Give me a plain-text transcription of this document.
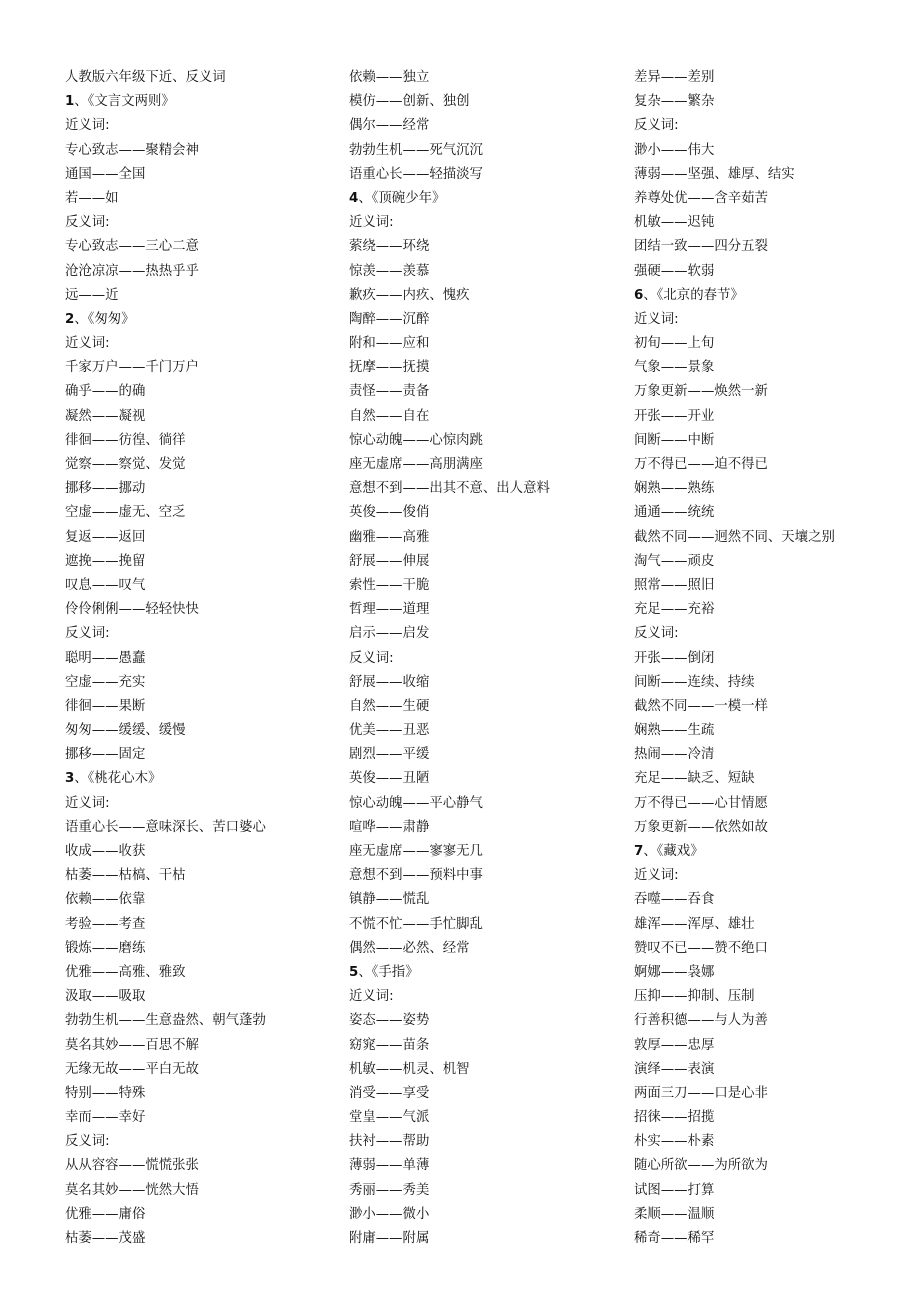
人教版六年级下近、反义词
1、《文言文两则》
近义词:
专心致志——聚精会神
通国——全国
若——如
反义词:
专心致志——三心二意
沧沧凉凉——热热乎乎
远——近
2、《匆匆》
近义词:
千家万户——千门万户
确乎——的确
凝然——凝视
徘徊——彷徨、徜徉
觉察——察觉、发觉
挪移——挪动
空虚——虚无、空乏
复返——返回
遮挽——挽留
叹息——叹气
伶伶俐俐——轻轻快快
反义词:
聪明——愚蠢
空虚——充实
徘徊——果断
匆匆——缓缓、缓慢
挪移——固定
3、《桃花心木》
近义词:
语重心长——意味深长、苦口婆心
收成——收获
枯萎——枯槁、干枯
依赖——依靠
考验——考查
锻炼——磨练
优雅——高雅、雅致
汲取——吸取
勃勃生机——生意盎然、朝气蓬勃
莫名其妙——百思不解
无缘无故——平白无故
特别——特殊
幸而——幸好
反义词:
从从容容——慌慌张张
莫名其妙——恍然大悟
优雅——庸俗
枯萎——茂盛
依赖——独立
模仿——创新、独创
偶尔——经常
勃勃生机——死气沉沉
语重心长——轻描淡写
4、《顶碗少年》
近义词:
萦绕——环绕
惊羡——羡慕
歉疚——内疚、愧疚
陶醉——沉醉
附和——应和
抚摩——抚摸
责怪——责备
自然——自在
惊心动魄——心惊肉跳
座无虚席——高朋满座
意想不到——出其不意、出人意料
英俊——俊俏
幽雅——高雅
舒展——伸展
索性——干脆
哲理——道理
启示——启发
反义词:
舒展——收缩
自然——生硬
优美——丑恶
剧烈——平缓
英俊——丑陋
惊心动魄——平心静气
喧哗——肃静
座无虚席——寥寥无几
意想不到——预料中事
镇静——慌乱
不慌不忙——手忙脚乱
偶然——必然、经常
5、《手指》
近义词:
姿态——姿势
窈窕——苗条
机敏——机灵、机智
消受——享受
堂皇——气派
扶衬——帮助
薄弱——单薄
秀丽——秀美
渺小——微小
附庸——附属
差异——差别
复杂——繁杂
反义词:
渺小——伟大
薄弱——坚强、雄厚、结实
养尊处优——含辛茹苦
机敏——迟钝
团结一致——四分五裂
强硬——软弱
6、《北京的春节》
近义词:
初旬——上旬
气象——景象
万象更新——焕然一新
开张——开业
间断——中断
万不得已——迫不得已
娴熟——熟练
通通——统统
截然不同——迥然不同、天壤之别
淘气——顽皮
照常——照旧
充足——充裕
反义词:
开张——倒闭
间断——连续、持续
截然不同——一模一样
娴熟——生疏
热闹——冷清
充足——缺乏、短缺
万不得已——心甘情愿
万象更新——依然如故
7、《藏戏》
近义词:
吞噬——吞食
雄浑——浑厚、雄壮
赞叹不已——赞不绝口
婀娜——袅娜
压抑——抑制、压制
行善积德——与人为善
敦厚——忠厚
演绎——表演
两面三刀——口是心非
招徕——招揽
朴实——朴素
随心所欲——为所欲为
试图——打算
柔顺——温顺
稀奇——稀罕
